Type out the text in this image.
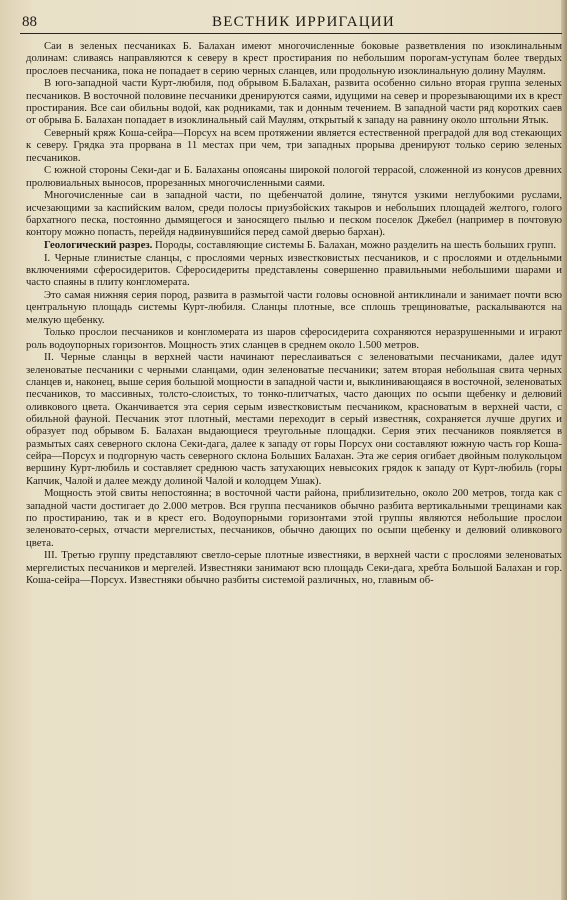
88	ВЕСТНИК ИРРИГАЦИИ

Саи в зеленых песчаниках Б. Балахан имеют многочисленные боковые разветвления по изоклинальным долинам: сливаясь направляются к северу в крест простирания по небольшим порогам-уступам более твердых прослоев песчаника, пока не попадает в серию черных сланцев, или продольную изоклинальную долину Маулям.

В юго-западной части Курт-любиля, под обрывом Б.Балахан, развита особенно сильно вторая группа зеленых песчаников. В восточной половине песчаники дренируются саями, идущими на север и прорезывающими их в крест простирания. Все саи обильны водой, как родниками, так и донным течением. В западной части ряд коротких саев от обрыва Б. Балахан попадает в изоклинальный сай Маулям, открытый к западу на равнину около штольни Ятык.

Северный кряж Коша-сейра—Порсух на всем протяжении является естественной преградой для вод стекающих к северу. Грядка эта прорвана в 11 местах при чем, три западных прорыва дренируют только серию зеленых песчаников.

С южной стороны Секи-даг и Б. Балаханы опоясаны широкой пологой террасой, сложенной из конусов древних пролювиальных выносов, прорезанных многочисленными саями.

Многочисленные саи в западной части, по щебенчатой долине, тянутся узкими неглубокими руслами, исчезающими за каспийским валом, среди полосы приузбойских такыров и небольших площадей желтого, голого бархатного песка, постоянно дымящегося и заносящего пылью и песком поселок Джебел (например в почтовую контору можно попасть, перейдя надвинувшийся перед самой дверью бархан).

Геологический разрез. Породы, составляющие системы Б. Балахан, можно разделить на шесть больших групп.

I. Черные глинистые сланцы, с прослоями черных известковистых песчаников, и с прослоями и отдельными включениями сферосидеритов. Сферосидериты представлены совершенно правильными небольшими шарами и часто спаяны в плиту конгломерата.

Это самая нижняя серия пород, развита в размытой части головы основной антиклинали и занимает почти всю центральную площадь системы Курт-любиля. Сланцы плотные, все сплошь трещиноватые, раскалываются на мелкую щебенку.

Только прослои песчаников и конгломерата из шаров сферосидерита сохраняются неразрушенными и играют роль водоупорных горизонтов. Мощность этих сланцев в среднем около 1.500 метров.

II. Черные сланцы в верхней части начинают переслаиваться с зеленоватыми песчаниками, далее идут зеленоватые песчаники с черными сланцами, один зеленоватые песчаники; затем вторая небольшая свита черных сланцев и, наконец, выше серия большой мощности в западной части и, выклинивающаяся в восточной, зеленоватых песчаников, то массивных, толсто-слоистых, то тонко-плитчатых, часто дающих по осыпи щебенку и делювий оливкового цвета. Оканчивается эта серия серым известковистым песчаником, красноватым в верхней части, с обильной фауной. Песчаник этот плотный, местами переходит в серый известняк, сохраняется лучше других и образует под обрывом Б. Балахан выдающиеся треугольные площадки. Серия этих песчаников появляется в размытых саях северного склона Секи-дага, далее к западу от горы Порсух они составляют южную часть гор Коша-сейра—Порсух и подгорную часть северного склона Больших Балахан. Эта же серия огибает двойным полукольцом вершину Курт-любиль и составляет среднюю часть затухающих невысоких грядок к западу от Курт-любиль (горы Капчик, Чалой и далее между долиной Чалой и колодцем Ушак).

Мощность этой свиты непостоянна; в восточной части района, приблизительно, около 200 метров, тогда как с западной части достигает до 2.000 метров. Вся группа песчаников обычно разбита вертикальными трещинами как по простиранию, так и в крест его. Водоупорными горизонтами этой группы являются небольшие прослои зеленовато-серых, отчасти мергелистых, песчаников, обычно дающих по осыпи щебенку и делювий оливкового цвета.

III. Третью группу представляют светло-серые плотные известняки, в верхней части с прослоями зеленоватых мергелистых песчаников и мергелей. Известняки занимают всю площадь Секи-дага, хребта Большой Балахан и гор. Коша-сейра—Порсух. Известняки обычно разбиты системой различных, но, главным об-
